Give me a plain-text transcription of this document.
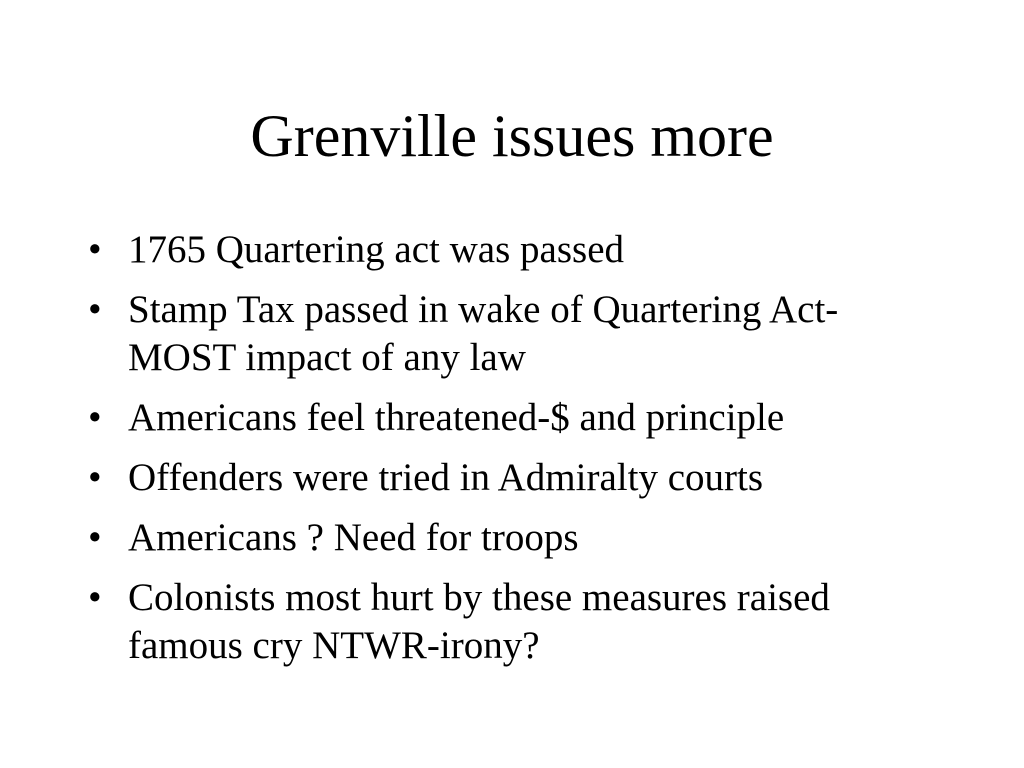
Grenville issues more
• 1765 Quartering act was passed
• Stamp Tax passed in wake of Quartering Act- MOST impact of any law
• Americans feel threatened-$ and principle
• Offenders were tried in Admiralty courts
• Americans ? Need for troops
• Colonists most hurt by these measures raised famous cry NTWR-irony?
